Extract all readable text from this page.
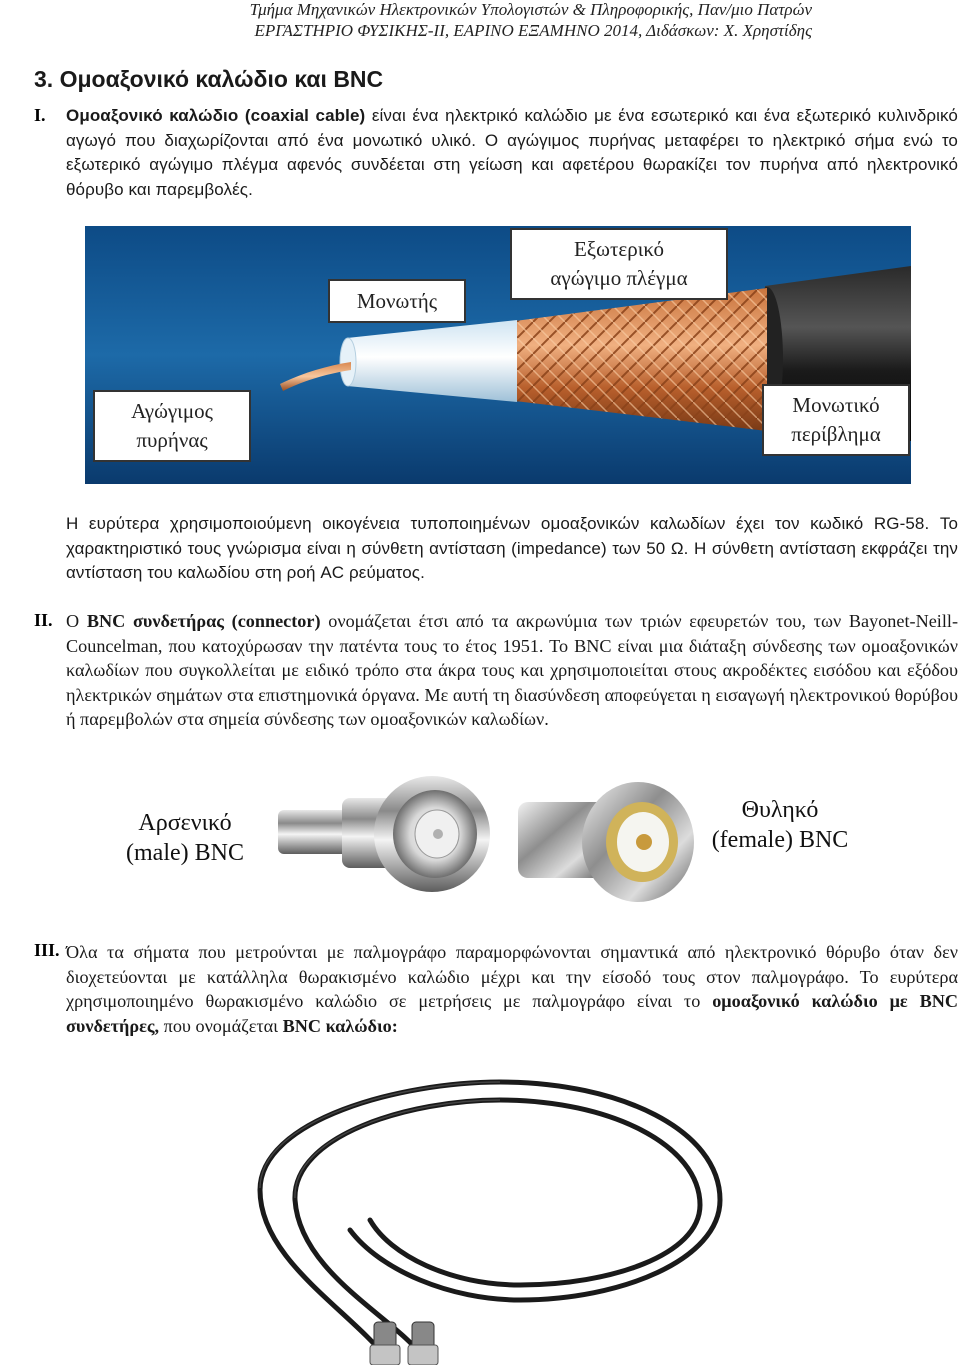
Τμήμα Μηχανικών Ηλεκτρονικών Υπολογιστών & Πληροφορικής, Παν/μιο Πατρών
ΕΡΓΑΣΤΗΡΙΟ ΦΥΣΙΚΗΣ-ΙΙ, ΕΑΡΙΝΟ ΕΞΑΜΗΝΟ 2014, Διδάσκων: Χ. Χρηστίδης
3. Ομοαξονικό καλώδιο και BNC
I. Ομοαξονικό καλώδιο (coaxial cable) είναι ένα ηλεκτρικό καλώδιο με ένα εσωτερικό και ένα εξωτερικό κυλινδρικό αγωγό που διαχωρίζονται από ένα μονωτικό υλικό. Ο αγώγιμος πυρήνας μεταφέρει το ηλεκτρικό σήμα ενώ το εξωτερικό αγώγιμο πλέγμα αφενός συνδέεται στη γείωση και αφετέρου θωρακίζει τον πυρήνα από ηλεκτρονικό θόρυβο και παρεμβολές.
Μονωτής
Εξωτερικό
αγώγιμο πλέγμα
Αγώγιμος
πυρήνας
Μονωτικό
περίβλημα
Η ευρύτερα χρησιμοποιούμενη οικογένεια τυποποιημένων ομοαξονικών καλωδίων έχει τον κωδικό RG-58. Το χαρακτηριστικό τους γνώρισμα είναι η σύνθετη αντίσταση (impedance) των 50 Ω. Η σύνθετη αντίσταση εκφράζει την αντίσταση του καλωδίου στη ροή AC ρεύματος.
II. Ο BNC συνδετήρας (connector) ονομάζεται έτσι από τα ακρωνύμια των τριών εφευρετών του, των Bayonet-Neill-Councelman, που κατοχύρωσαν την πατέντα τους το έτος 1951. Το BNC είναι μια διάταξη σύνδεσης των ομοαξονικών καλωδίων που συγκολλείται με ειδικό τρόπο στα άκρα τους και χρησιμοποιείται στους ακροδέκτες εισόδου και εξόδου ηλεκτρικών σημάτων στα επιστημονικά όργανα. Με αυτή τη διασύνδεση αποφεύγεται η εισαγωγή ηλεκτρονικού θορύβου ή παρεμβολών στα σημεία σύνδεσης των ομοαξονικών καλωδίων.
Αρσενικό
(male) BNC
Θυληκό
(female) BNC
III. Όλα τα σήματα που μετρούνται με παλμογράφο παραμορφώνονται σημαντικά από ηλεκτρονικό θόρυβο όταν δεν διοχετεύονται με κατάλληλα θωρακισμένο καλώδιο μέχρι και την είσοδό τους στον παλμογράφο. Το ευρύτερα χρησιμοποιημένο θωρακισμένο καλώδιο σε μετρήσεις με παλμογράφο είναι το ομοαξονικό καλώδιο με BNC συνδετήρες, που ονομάζεται BNC καλώδιο:
